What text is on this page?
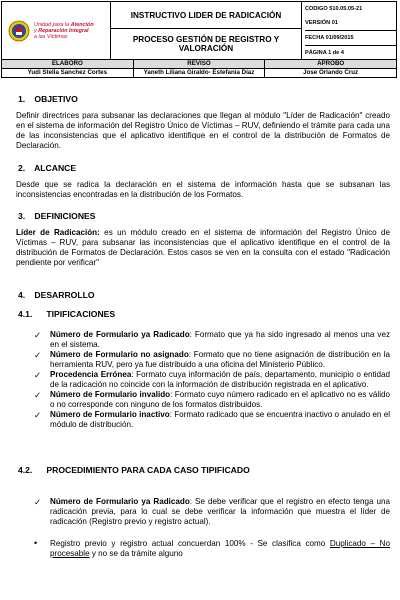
Unidad para la Atención
y Reparación Integral
a las Víctimas

INSTRUCTIVO LIDER DE RADICACIÓN
PROCESO GESTIÓN DE REGISTRO Y VALORACIÓN

CODIGO 510.05.05-21
VERSIÓN 01
FECHA 01/09/2015
PÁGINA 1 de 4

ELABORO	REVISO	APROBO
Yudi Stella Sanchez Cortes	Yaneth Liliana Giraldo- Estefania Díaz	Jose Orlando Cruz
1. OBJETIVO
Definir directrices para subsanar las declaraciones que llegan al módulo "Líder de Radicación" creado en el sistema de información del Registro Único de Víctimas – RUV, definiendo el trámite para cada una de las inconsistencias que el aplicativo identifique en el control de la distribución de Formatos de Declaración.
2. ALCANCE
Desde que se radica la declaración en el sistema de información hasta que se subsanan las inconsistencias encontradas en la distribución de los Formatos.
3. DEFINICIONES
Líder de Radicación: es un módulo creado en el sistema de información del Registro Único de Víctimas – RUV, para subsanar las inconsistencias que el aplicativo identifique en el control de la distribución de Formatos de Declaración. Estos casos se ven en la consulta con el estado "Radicación pendiente por verificar"
4. DESARROLLO
4.1. TIPIFICACIONES
✓ Número de Formulario ya Radicado: Formato que ya ha sido ingresado al menos una vez en el sistema.
✓ Número de Formulario no asignado: Formato que no tiene asignación de distribución en la herramienta RUV, pero ya fue distribuido a una oficina del Ministerio Público.
✓ Procedencia Errónea: Formato cuya información de país, departamento, municipio o entidad de la radicación no coincide con la información de distribución registrada en el aplicativo.
✓ Número de Formulario invalido: Formato cuyo número radicado en el aplicativo no es válido o no corresponde con ninguno de los formatos distribuidos.
✓ Número de Formulario inactivo: Formato radicado que se encuentra inactivo o anulado en el módulo de distribución.
4.2. PROCEDIMIENTO PARA CADA CASO TIPIFICADO
✓ Número de Formulario ya Radicado: Se debe verificar que el registro en efecto tenga una radicación previa, para lo cual se debe verificar la información que muestra el líder de radicación (Registro previo y registro actual).
• Registro previo y registro actual concuerdan 100% - Se clasifica como Duplicado – No procesable y no se da trámite alguno
